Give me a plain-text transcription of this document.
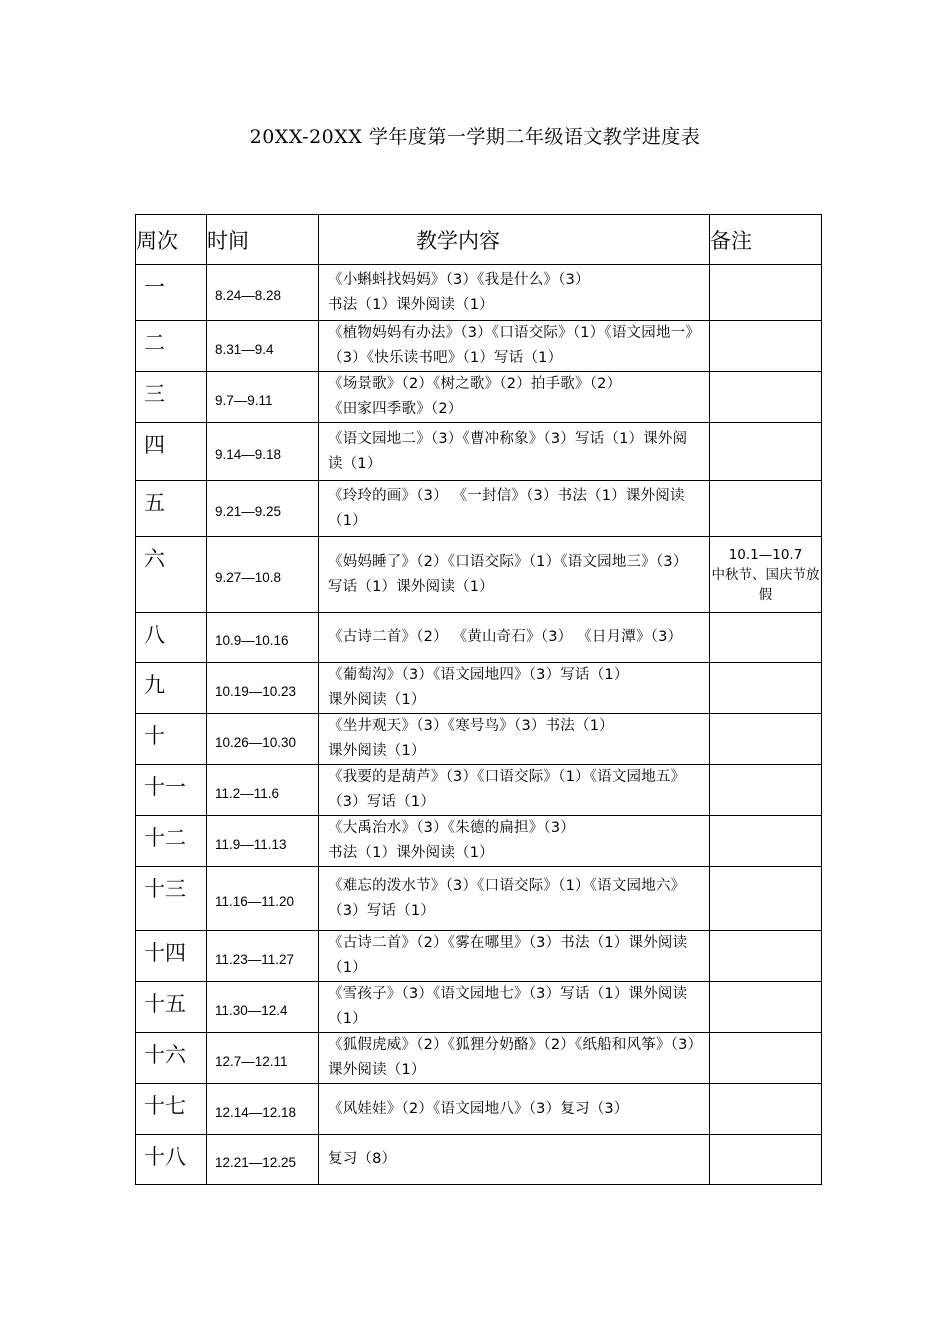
20XX-20XX 学年度第一学期二年级语文教学进度表
周次	时间	教学内容	备注
一	8.24—8.28	《小蝌蚪找妈妈》（3）《我是什么》（3）
书法（1）课外阅读（1）	
二	8.31—9.4	《植物妈妈有办法》（3）《口语交际》（1）《语文园地一》（3）《快乐读书吧》（1）写话（1）	
三	9.7—9.11	《场景歌》（2）《树之歌》（2）拍手歌》（2）
《田家四季歌》（2）	
四	9.14—9.18	《语文园地二》（3）《曹冲称象》（3）写话（1）课外阅读（1）	
五	9.21—9.25	《玲玲的画》（3） 《一封信》（3）书法（1）课外阅读（1）	
六	9.27—10.8	《妈妈睡了》（2）《口语交际》（1）《语文园地三》（3）写话（1）课外阅读（1）	10.1—10.7
中秋节、国庆节放假
八	10.9—10.16	《古诗二首》（2） 《黄山奇石》（3） 《日月潭》（3）	
九	10.19—10.23	《葡萄沟》（3）《语文园地四》（3）写话（1）
课外阅读（1）	
十	10.26—10.30	《坐井观天》（3）《寒号鸟》（3）书法（1）
课外阅读（1）	
十一	11.2—11.6	《我要的是葫芦》（3）《口语交际》（1）《语文园地五》（3）写话（1）	
十二	11.9—11.13	《大禹治水》（3）《朱德的扁担》（3）
书法（1）课外阅读（1）	
十三	11.16—11.20	《难忘的泼水节》（3）《口语交际》（1）《语文园地六》（3）写话（1）	
十四	11.23—11.27	《古诗二首》（2）《雾在哪里》（3）书法（1）课外阅读（1）	
十五	11.30—12.4	《雪孩子》（3）《语文园地七》（3）写话（1）课外阅读（1）	
十六	12.7—12.11	《狐假虎威》（2）《狐狸分奶酪》（2）《纸船和风筝》（3）课外阅读（1）	
十七	12.14—12.18	《风娃娃》（2）《语文园地八》（3）复习（3）	
十八	12.21—12.25	复习（8）	
